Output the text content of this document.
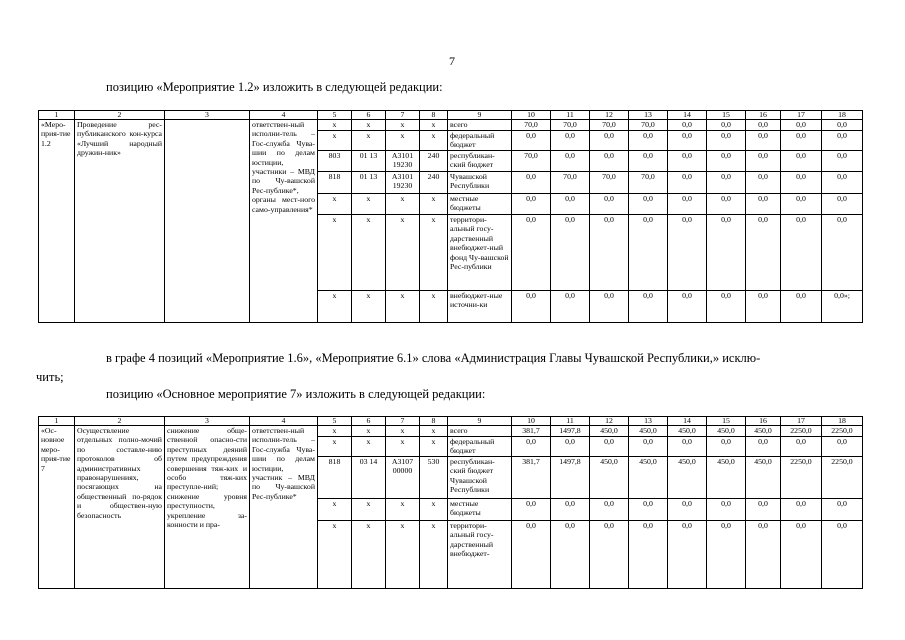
7
позицию «Мероприятие 1.2» изложить в следующей редакции:
1	2	3	4	5	6	7	8	9	10	11	12	13	14	15	16	17	18
«Меро-прия-тие 1.2	Проведение рес-публиканского кон-курса «Лучший народный дружин-ник»		ответствен-ный исполни-тель – Гос-служба Чува-шии по делам юстиции, участники – МВД по Чу-вашской Рес-публике*, органы мест-ного само-управления*	x	x	x	x	всего	70,0	70,0	70,0	70,0	0,0	0,0	0,0	0,0	0,0
				x	x	x	x	федеральный бюджет	0,0	0,0	0,0	0,0	0,0	0,0	0,0	0,0	0,0
				803	01 13	А3101 19230	240	республикан-ский бюджет	70,0	0,0	0,0	0,0	0,0	0,0	0,0	0,0	0,0
				818	01 13	А3101 19230	240	Чувашской Республики	0,0	70,0	70,0	70,0	0,0	0,0	0,0	0,0	0,0
				x	x	x	x	местные бюджеты	0,0	0,0	0,0	0,0	0,0	0,0	0,0	0,0	0,0
				x	x	x	x	территори-альный госу-дарственный внебюджет-ный фонд Чу-вашской Рес-публики	0,0	0,0	0,0	0,0	0,0	0,0	0,0	0,0	0,0
				x	x	x	x	внебюджет-ные источни-ки	0,0	0,0	0,0	0,0	0,0	0,0	0,0	0,0	0,0»;
в графе 4 позиций «Мероприятие 1.6», «Мероприятие 6.1» слова «Администрация Главы Чувашской Республики,» исклю-
чить;
позицию «Основное мероприятие 7» изложить в следующей редакции:
1	2	3	4	5	6	7	8	9	10	11	12	13	14	15	16	17	18
«Ос-новное меро-прия-тие 7	Осуществление отдельных полно-мочий по составле-нию протоколов об административных правонарушениях, посягающих на общественный по-рядок и обществен-ную безопасность	снижение обще-ственной опасно-сти преступных деяний путем предупреждения совершения тяж-ких и особо тяж-ких преступле-ний; снижение уровня преступности, укрепление за-конности и пра-	ответствен-ный исполни-тель – Гос-служба Чува-шии по делам юстиции, участник – МВД по Чу-вашской Рес-публике*	x	x	x	x	всего	381,7	1497,8	450,0	450,0	450,0	450,0	450,0	2250,0	2250,0
				x	x	x	x	федеральный бюджет	0,0	0,0	0,0	0,0	0,0	0,0	0,0	0,0	0,0
				818	03 14	А3107 00000	530	республикан-ский бюджет Чувашской Республики	381,7	1497,8	450,0	450,0	450,0	450,0	450,0	2250,0	2250,0
				x	x	x	x	местные бюджеты	0,0	0,0	0,0	0,0	0,0	0,0	0,0	0,0	0,0
				x	x	x	x	территори-альный госу-дарственный внебюджет-	0,0	0,0	0,0	0,0	0,0	0,0	0,0	0,0	0,0
